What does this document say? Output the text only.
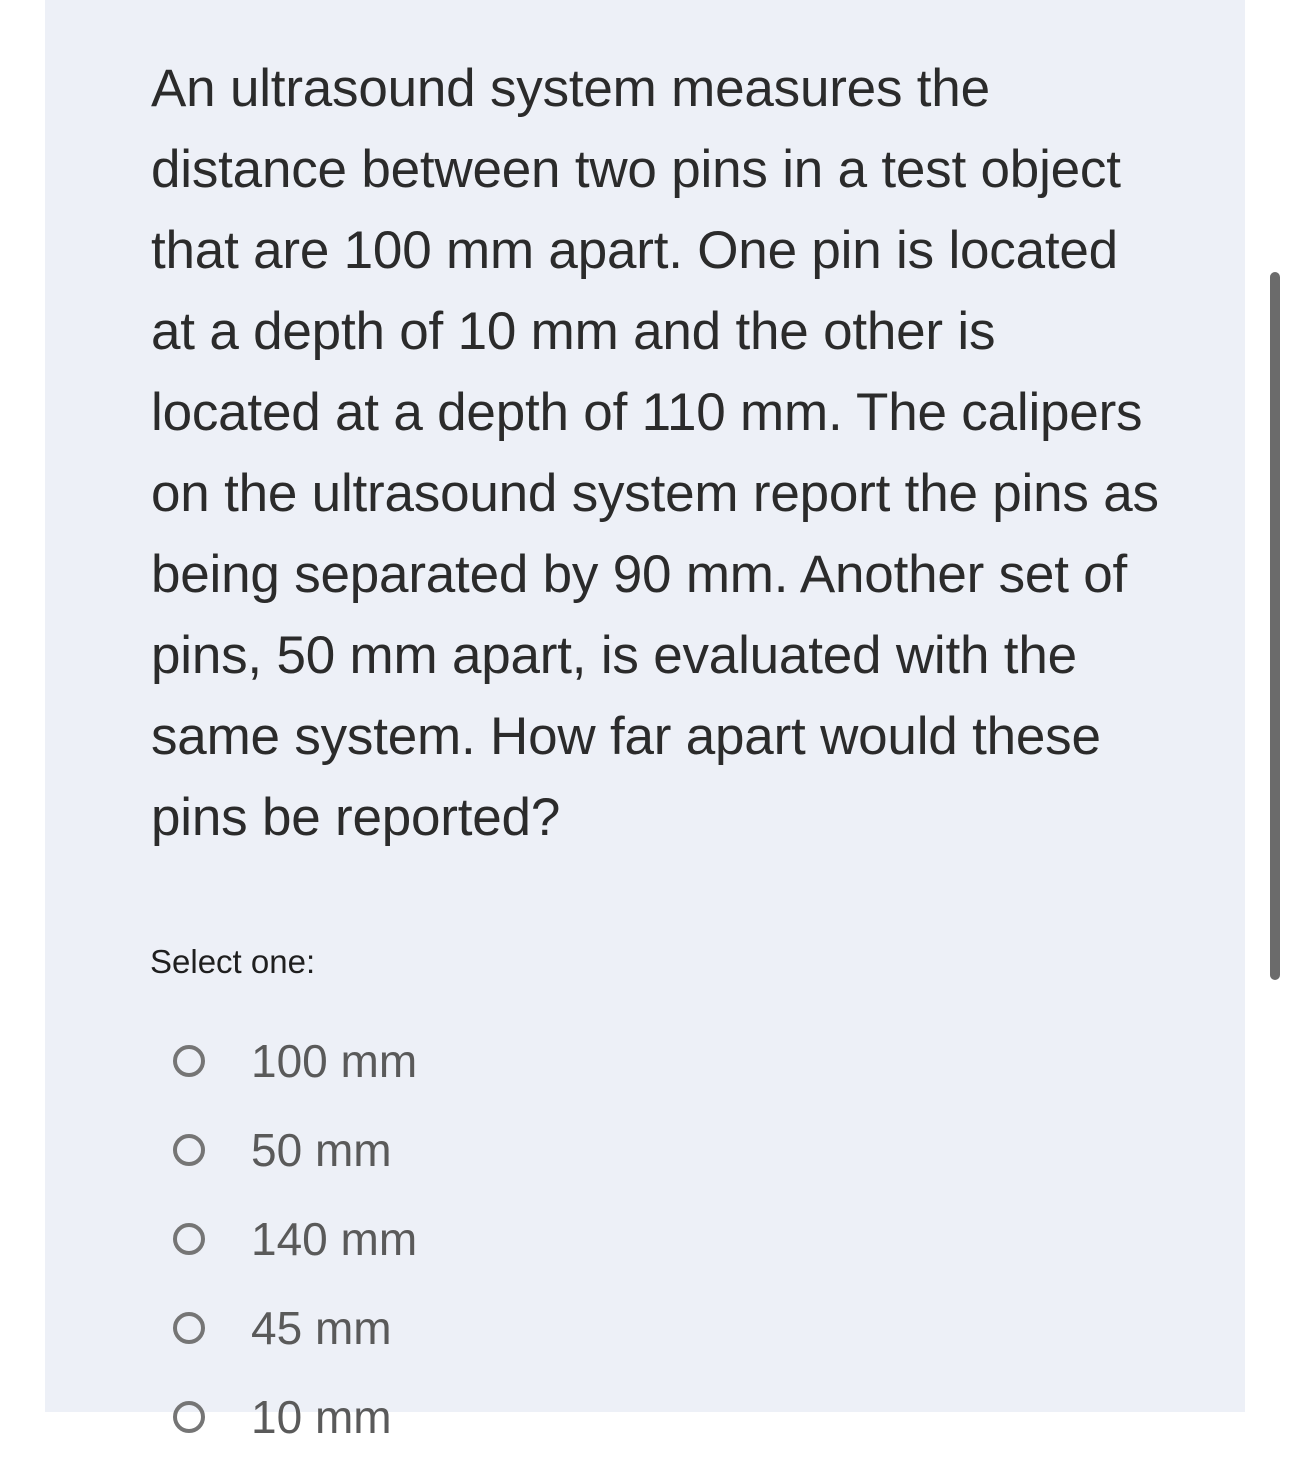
An ultrasound system measures the distance between two pins in a test object that are 100 mm apart. One pin is located at a depth of 10 mm and the other is located at a depth of 110 mm. The calipers on the ultrasound system report the pins as being separated by 90 mm. Another set of pins, 50 mm apart, is evaluated with the same system. How far apart would these pins be reported?

Select one:

100 mm
50 mm
140 mm
45 mm
10 mm
